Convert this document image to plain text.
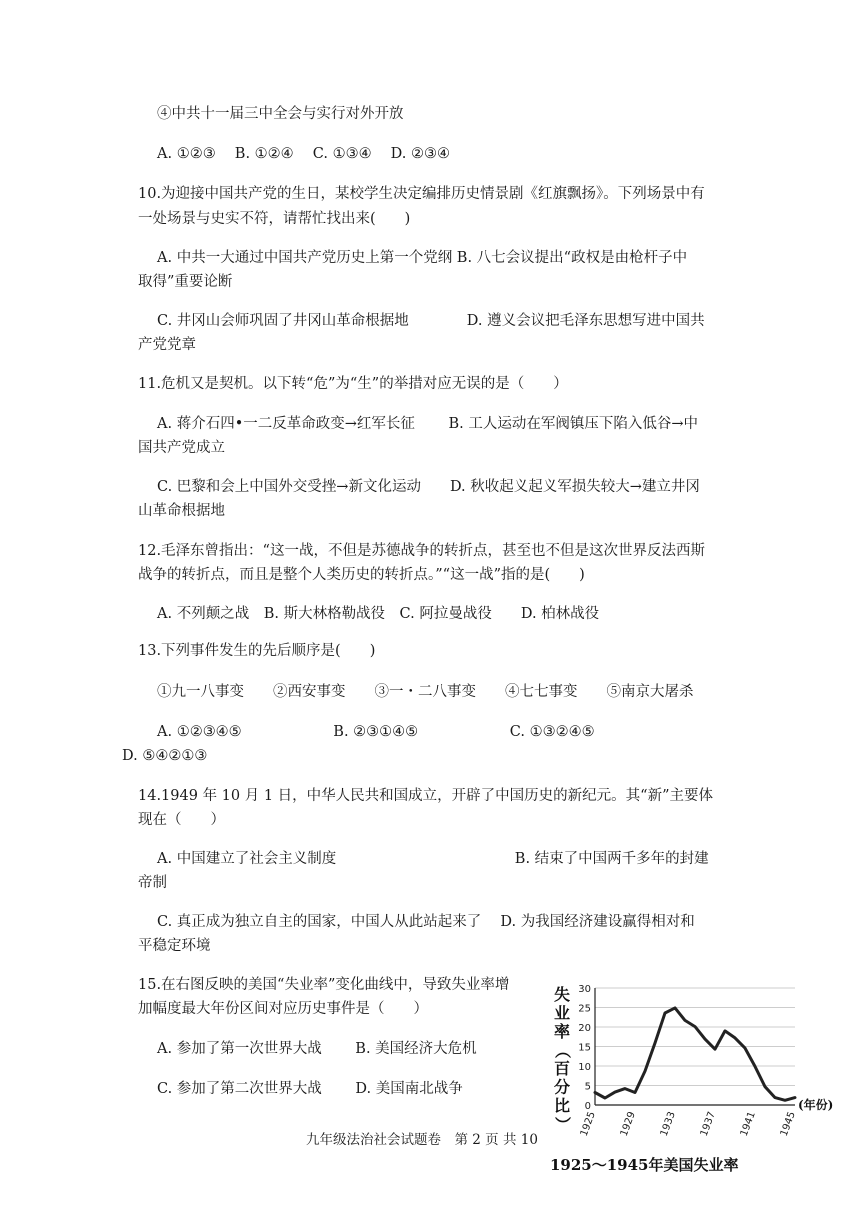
④中共十一届三中全会与实行对外开放
A. ①②③　 B. ①②④　 C. ①③④　 D. ②③④
10.为迎接中国共产党的生日，某校学生决定编排历史情景剧《红旗飘扬》。下列场景中有
一处场景与史实不符，请帮忙找出来(　　)
A. 中共一大通过中国共产党历史上第一个党纲 B. 八七会议提出“政权是由枪杆子中
取得”重要论断
C. 井冈山会师巩固了井冈山革命根据地　　　　D. 遵义会议把毛泽东思想写进中国共
产党党章
11.危机又是契机。以下转“危”为“生”的举措对应无误的是（　　）
A. 蒋介石四•一二反革命政变→红军长征　　 B. 工人运动在军阀镇压下陷入低谷→中
国共产党成立
C. 巴黎和会上中国外交受挫→新文化运动　　D. 秋收起义起义军损失较大→建立井冈
山革命根据地
12.毛泽东曾指出：“这一战，不但是苏德战争的转折点，甚至也不但是这次世界反法西斯
战争的转折点，而且是整个人类历史的转折点。”“这一战”指的是(　　)
A. 不列颠之战　B. 斯大林格勒战役　C. 阿拉曼战役　　D. 柏林战役
13.下列事件发生的先后顺序是(　　)
①九一八事变　　②西安事变　　③一・二八事变　　④七七事变　　⑤南京大屠杀
A. ①②③④⑤　　　　　　 B. ②③①④⑤　　　　　　 C. ①③②④⑤
D. ⑤④②①③
14.1949 年 10 月 1 日，中华人民共和国成立，开辟了中国历史的新纪元。其“新”主要体
现在（　　）
A. 中国建立了社会主义制度　　　　　　　　　　　　 B. 结束了中国两千多年的封建
帝制
C. 真正成为独立自主的国家，中国人从此站起来了　 D. 为我国经济建设赢得相对和
平稳定环境
15.在右图反映的美国“失业率”变化曲线中，导致失业率增
加幅度最大年份区间对应历史事件是（　　）
A. 参加了第一次世界大战　　 B. 美国经济大危机
C. 参加了第二次世界大战　　 D. 美国南北战争
失
业
率
（
百
分
比
）
0
5
10
15
20
25
30
1925 1929 1933 1937 1941 1945
(年份)
1925～1945年美国失业率
九年级法治社会试题卷　第 2 页 共 10
